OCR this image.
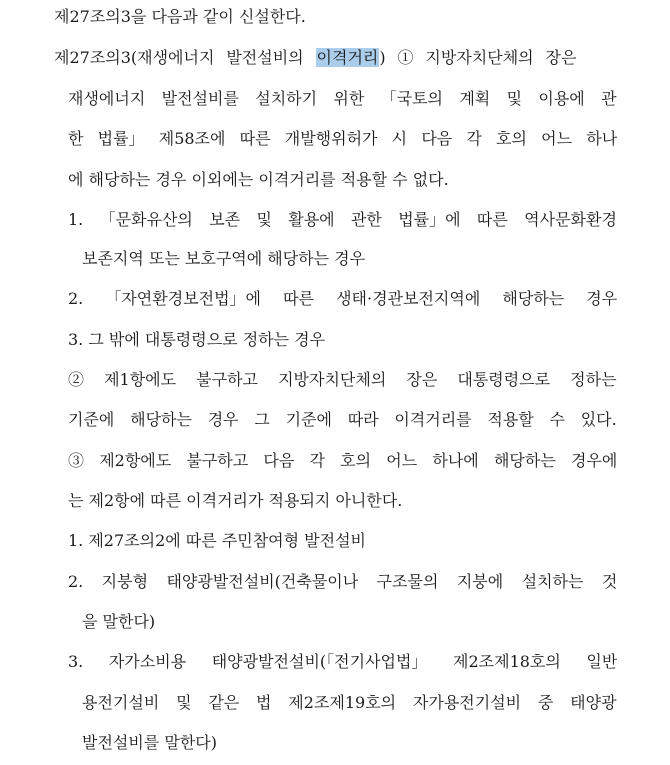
제27조의3을 다음과 같이 신설한다.
제27조의3(재생에너지 발전설비의 이격거리) ① 지방자치단체의 장은
재생에너지 발전설비를 설치하기 위한 「국토의 계획 및 이용에 관
한 법률」 제58조에 따른 개발행위허가 시 다음 각 호의 어느 하나
에 해당하는 경우 이외에는 이격거리를 적용할 수 없다.
1. 「문화유산의 보존 및 활용에 관한 법률」에 따른 역사문화환경
보존지역 또는 보호구역에 해당하는 경우
2. 「자연환경보전법」에 따른 생태·경관보전지역에 해당하는 경우
3. 그 밖에 대통령령으로 정하는 경우
② 제1항에도 불구하고 지방자치단체의 장은 대통령령으로 정하는
기준에 해당하는 경우 그 기준에 따라 이격거리를 적용할 수 있다.
③ 제2항에도 불구하고 다음 각 호의 어느 하나에 해당하는 경우에
는 제2항에 따른 이격거리가 적용되지 아니한다.
1. 제27조의2에 따른 주민참여형 발전설비
2. 지붕형 태양광발전설비(건축물이나 구조물의 지붕에 설치하는 것
을 말한다)
3. 자가소비용 태양광발전설비(「전기사업법」 제2조제18호의 일반
용전기설비 및 같은 법 제2조제19호의 자가용전기설비 중 태양광
발전설비를 말한다)
